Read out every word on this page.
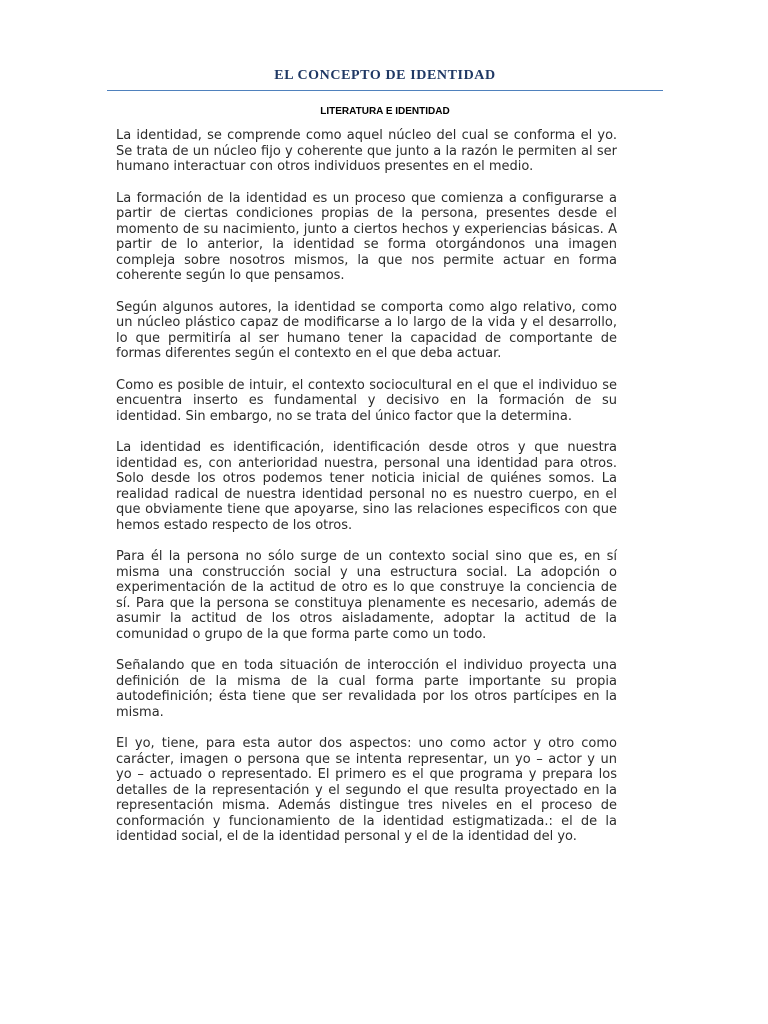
EL CONCEPTO DE IDENTIDAD
LITERATURA E IDENTIDAD

La identidad, se comprende como aquel núcleo del cual se conforma el yo. Se trata de un núcleo fijo y coherente que junto a la razón le permiten al ser humano interactuar con otros individuos presentes en el medio.

La formación de la identidad es un proceso que comienza a configurarse a partir de ciertas condiciones propias de la persona, presentes desde el momento de su nacimiento, junto a ciertos hechos y experiencias básicas. A partir de lo anterior, la identidad se forma otorgándonos una imagen compleja sobre nosotros mismos, la que nos permite actuar en forma coherente según lo que pensamos.

Según algunos autores, la identidad se comporta como algo relativo, como un núcleo plástico capaz de modificarse a lo largo de la vida y el desarrollo, lo que permitiría al ser humano tener la capacidad de comportante de formas diferentes según el contexto en el que deba actuar.

Como es posible de intuir, el contexto sociocultural en el que el individuo se encuentra inserto es fundamental y decisivo en la formación de su identidad. Sin embargo, no se trata del único factor que la determina.

La identidad es identificación, identificación desde otros y que nuestra identidad es, con anterioridad nuestra, personal una identidad para otros. Solo desde los otros podemos tener noticia inicial de quiénes somos. La realidad radical de nuestra identidad personal no es nuestro cuerpo, en el que obviamente tiene que apoyarse, sino las relaciones especificos con que hemos estado respecto de los otros.

Para él la persona no sólo surge de un contexto social sino que es, en sí misma una construcción social y una estructura social. La adopción o experimentación de la actitud de otro es lo que construye la conciencia de sí. Para que la persona se constituya plenamente es necesario, además de asumir la actitud de los otros aisladamente, adoptar la actitud de la comunidad o grupo de la que forma parte como un todo.

Señalando que en toda situación de interocción el individuo proyecta una definición de la misma de la cual forma parte importante su propia autodefinición; ésta tiene que ser revalidada por los otros partícipes en la misma.

El yo, tiene, para esta autor dos aspectos: uno como actor y otro como carácter, imagen o persona que se intenta representar, un yo – actor y un yo – actuado o representado. El primero es el que programa y prepara los detalles de la representación y el segundo el que resulta proyectado en la representación misma. Además distingue tres niveles en el proceso de conformación y funcionamiento de la identidad estigmatizada.: el de la identidad social, el de la identidad personal y el de la identidad del yo.
